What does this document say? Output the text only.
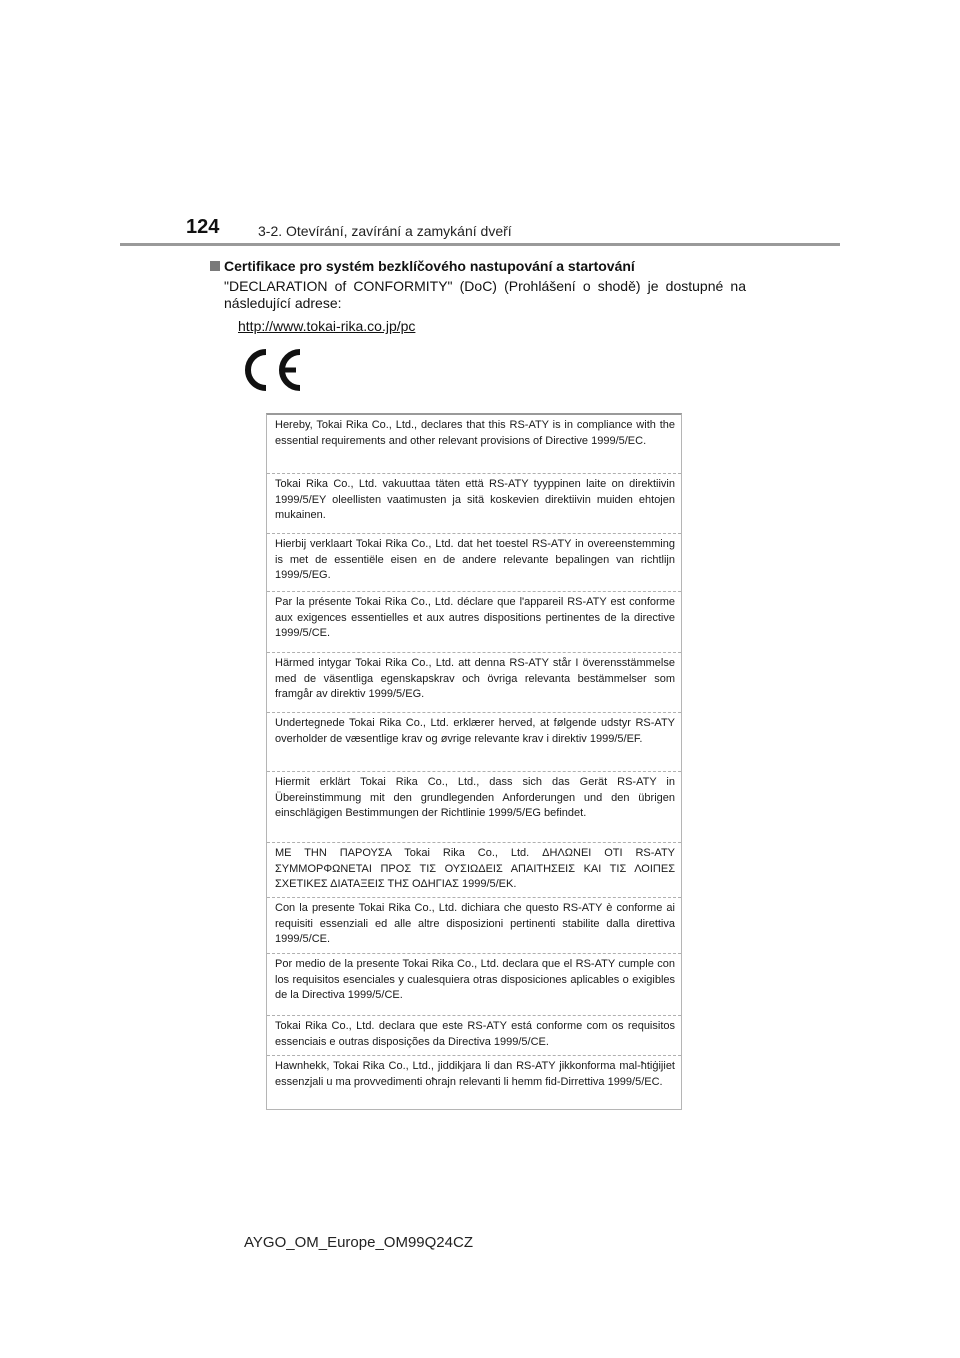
124	3-2. Otevírání, zavírání a zamykání dveří
Certifikace pro systém bezklíčového nastupování a startování
"DECLARATION of CONFORMITY" (DoC) (Prohlášení o shodě) je dostupné na následující adrese:
http://www.tokai-rika.co.jp/pc
Hereby, Tokai Rika Co., Ltd., declares that this RS-ATY is in compliance with the essential requirements and other relevant provisions of Directive 1999/5/EC.
Tokai Rika Co., Ltd. vakuuttaa täten että RS-ATY tyyppinen laite on direktiivin 1999/5/EY oleellisten vaatimusten ja sitä koskevien direktiivin muiden ehtojen mukainen.
Hierbij verklaart Tokai Rika Co., Ltd. dat het toestel RS-ATY in overeenstemming is met de essentiële eisen en de andere relevante bepalingen van richtlijn 1999/5/EG.
Par la présente Tokai Rika Co., Ltd. déclare que l'appareil RS-ATY est conforme aux exigences essentielles et aux autres dispositions pertinentes de la directive 1999/5/CE.
Härmed intygar Tokai Rika Co., Ltd. att denna RS-ATY står I överensstämmelse med de väsentliga egenskapskrav och övriga relevanta bestämmelser som framgår av direktiv 1999/5/EG.
Undertegnede Tokai Rika Co., Ltd. erklærer herved, at følgende udstyr RS-ATY overholder de væsentlige krav og øvrige relevante krav i direktiv 1999/5/EF.
Hiermit erklärt Tokai Rika Co., Ltd., dass sich das Gerät RS-ATY in Übereinstimmung mit den grundlegenden Anforderungen und den übrigen einschlägigen Bestimmungen der Richtlinie 1999/5/EG befindet.
ΜΕ ΤΗΝ ΠΑΡΟΥΣΑ Tokai Rika Co., Ltd. ΔΗΛΩΝΕΙ ΟΤΙ RS-ATY ΣΥΜΜΟΡΦΩΝΕΤΑΙ ΠΡΟΣ ΤΙΣ ΟΥΣΙΩΔΕΙΣ ΑΠΑΙΤΗΣΕΙΣ ΚΑΙ ΤΙΣ ΛΟΙΠΕΣ ΣΧΕΤΙΚΕΣ ΔΙΑΤΑΞΕΙΣ ΤΗΣ ΟΔΗΓΙΑΣ 1999/5/ΕΚ.
Con la presente Tokai Rika Co., Ltd. dichiara che questo RS-ATY è conforme ai requisiti essenziali ed alle altre disposizioni pertinenti stabilite dalla direttiva 1999/5/CE.
Por medio de la presente Tokai Rika Co., Ltd. declara que el RS-ATY cumple con los requisitos esenciales y cualesquiera otras disposiciones aplicables o exigibles de la Directiva 1999/5/CE.
Tokai Rika Co., Ltd. declara que este RS-ATY está conforme com os requisitos essenciais e outras disposições da Directiva 1999/5/CE.
Hawnhekk, Tokai Rika Co., Ltd., jiddikjara li dan RS-ATY jikkonforma mal-ħtiġijiet essenzjali u ma provvedimenti oħrajn relevanti li hemm fid-Dirrettiva 1999/5/EC.
AYGO_OM_Europe_OM99Q24CZ
